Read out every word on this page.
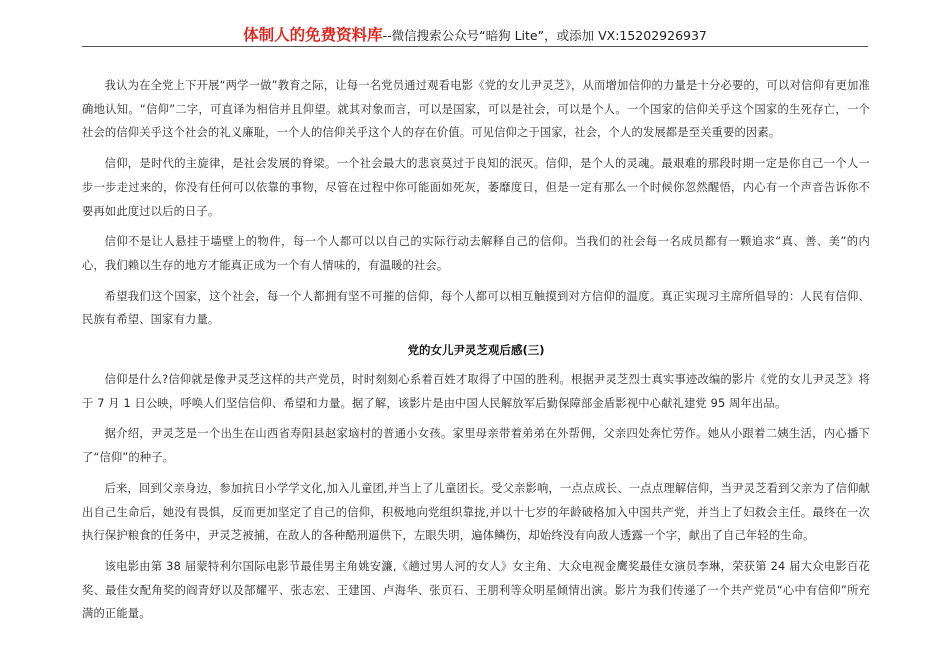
体制人的免费资料库--微信搜索公众号“暗狗 Lite”，或添加 VX:15202926937

我认为在全党上下开展“两学一做”教育之际，让每一名党员通过观看电影《党的女儿尹灵芝》，从而增加信仰的力量是十分必要的，可以对信仰有更加准确地认知。“信仰”二字，可直译为相信并且仰望。就其对象而言，可以是国家，可以是社会，可以是个人。一个国家的信仰关乎这个国家的生死存亡，一个社会的信仰关乎这个社会的礼义廉耻，一个人的信仰关乎这个人的存在价值。可见信仰之于国家，社会，个人的发展都是至关重要的因素。

信仰，是时代的主旋律，是社会发展的脊梁。一个社会最大的悲哀莫过于良知的泯灭。信仰，是个人的灵魂。最艰难的那段时期一定是你自己一个人一步一步走过来的，你没有任何可以依靠的事物，尽管在过程中你可能面如死灰，萎靡度日，但是一定有那么一个时候你忽然醒悟，内心有一个声音告诉你不要再如此度过以后的日子。

信仰不是让人悬挂于墙壁上的物件，每一个人都可以以自己的实际行动去解释自己的信仰。当我们的社会每一名成员都有一颗追求“真、善、美”的内心，我们赖以生存的地方才能真正成为一个有人情味的，有温暖的社会。

希望我们这个国家，这个社会，每一个人都拥有坚不可摧的信仰，每个人都可以相互触摸到对方信仰的温度。真正实现习主席所倡导的：人民有信仰、民族有希望、国家有力量。

党的女儿尹灵芝观后感(三)

信仰是什么?信仰就是像尹灵芝这样的共产党员，时时刻刻心系着百姓才取得了中国的胜利。根据尹灵芝烈士真实事迹改编的影片《党的女儿尹灵芝》将于 7 月 1 日公映，呼唤人们坚信信仰、希望和力量。据了解，该影片是由中国人民解放军后勤保障部金盾影视中心献礼建党 95 周年出品。

据介绍，尹灵芝是一个出生在山西省寿阳县赵家垴村的普通小女孩。家里母亲带着弟弟在外帮佣，父亲四处奔忙劳作。她从小跟着二姨生活，内心播下了“信仰”的种子。

后来，回到父亲身边，参加抗日小学学文化,加入儿童团,并当上了儿童团长。受父亲影响，一点点成长、一点点理解信仰，当尹灵芝看到父亲为了信仰献出自己生命后，她没有畏惧，反而更加坚定了自己的信仰，积极地向党组织靠拢,并以十七岁的年龄破格加入中国共产党，并当上了妇救会主任。最终在一次执行保护粮食的任务中，尹灵芝被捕，在敌人的各种酷刑逼供下，左眼失明，遍体鳞伤，却始终没有向敌人透露一个字，献出了自己年轻的生命。

该电影由第 38 届蒙特利尔国际电影节最佳男主角姚安濂,《趟过男人河的女人》女主角、大众电视金鹰奖最佳女演员李琳，荣获第 24 届大众电影百花奖、最佳女配角奖的阎青妤以及郜耀平、张志宏、王建国、卢海华、张页石、王朋利等众明星倾情出演。影片为我们传递了一个共产党员“心中有信仰”所充满的正能量。
